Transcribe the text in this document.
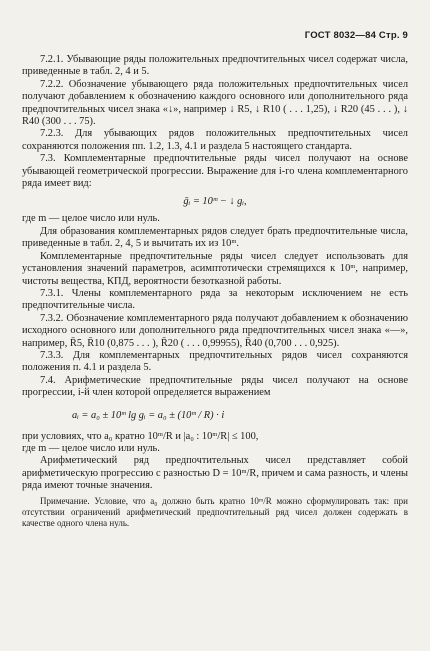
ГОСТ 8032—84 Стр. 9

7.2.1. Убывающие ряды положительных предпочтительных чисел содержат числа, приведенные в табл. 2, 4 и 5.

7.2.2. Обозначение убывающего ряда положительных предпочтительных чисел получают добавлением к обозначению каждого основного или дополнительного ряда предпочтительных чисел знака «↓», например ↓ R5, ↓ R10 ( . . . 1,25), ↓ R20 (45 . . . ), ↓ R40 (300 . . . 75).

7.2.3. Для убывающих рядов положительных предпочтительных чисел сохраняются положения пп. 1.2, 1.3, 4.1 и раздела 5 настоящего стандарта.

7.3. Комплементарные предпочтительные ряды чисел получают на основе убывающей геометрической прогрессии. Выражение для i-го члена комплементарного ряда имеет вид:

ḡᵢ = 10ᵐ − ↓ gᵢ,

где m — целое число или нуль.

Для образования комплементарных рядов следует брать предпочтительные числа, приведенные в табл. 2, 4, 5 и вычитать их из 10ᵐ.

Комплементарные предпочтительные ряды чисел следует использовать для установления значений параметров, асимптотически стремящихся к 10ᵐ, например, чистоты вещества, КПД, вероятности безотказной работы.

7.3.1. Члены комплементарного ряда за некоторым исключением не есть предпочтительные числа.

7.3.2. Обозначение комплементарного ряда получают добавлением к обозначению исходного основного или дополнительного ряда предпочтительных чисел знака «—», например, R̄5, R̄10 (0,875 . . . ), R̄20 ( . . . 0,99955), R̄40 (0,700 . . . 0,925).

7.3.3. Для комплементарных предпочтительных рядов чисел сохраняются положения п. 4.1 и раздела 5.

7.4. Арифметические предпочтительные ряды чисел получают на основе прогрессии, i-й член которой определяется выражением

aᵢ = a₀ ± 10ᵐ lg gᵢ = a₀ ± (10ᵐ / R) · i

при условиях, что a₀ кратно 10ᵐ/R и |a₀ : 10ᵐ/R| ≤ 100,

где m — целое число или нуль.

Арифметический ряд предпочтительных чисел представляет собой арифметическую прогрессию с разностью D = 10ᵐ/R, причем и сама разность, и члены ряда имеют точные значения.

Примечание. Условие, что a₀ должно быть кратно 10ᵐ/R можно сформулировать так: при отсутствии ограничений арифметический предпочтительный ряд чисел должен содержать в качестве одного члена нуль.
